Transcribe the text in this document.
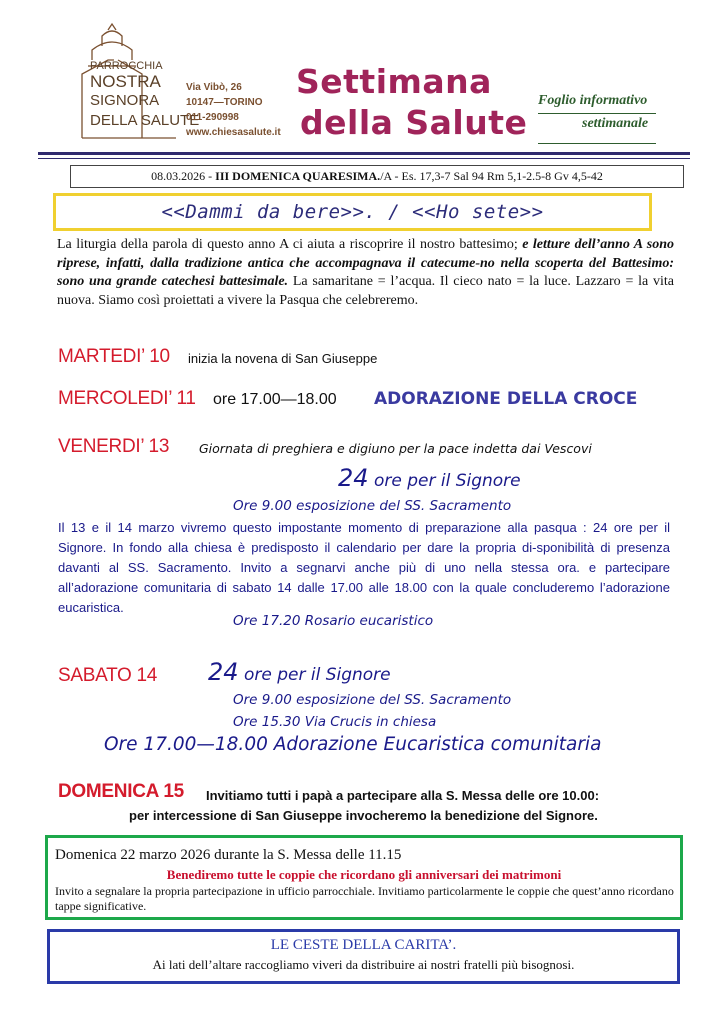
PARROCCHIA
NOSTRA
SIGNORA
DELLA SALUTE
Via Vibò, 26
10147—TORINO
011-290998
www.chiesasalute.it
Settimana
della Salute
Foglio informativo
settimanale
08.03.2026 - III DOMENICA QUARESIMA./A - Es. 17,3-7 Sal 94 Rm 5,1-2.5-8 Gv 4,5-42
<<Dammi da bere>>. / <<Ho sete>>
La liturgia della parola di questo anno A ci aiuta a riscoprire il nostro battesimo; e letture dell’anno A sono riprese, infatti, dalla tradizione antica che accompagnava il catecume-no nella scoperta del Battesimo: sono una grande catechesi battesimale. La samaritane = l’acqua. Il cieco nato = la luce. Lazzaro = la vita nuova. Siamo così proiettati a vivere la Pasqua che celebreremo.
MARTEDI’ 10 inizia la novena di San Giuseppe
MERCOLEDI’ 11 ore 17.00—18.00 ADORAZIONE DELLA CROCE
VENERDI’ 13 Giornata di preghiera e digiuno per la pace indetta dai Vescovi
24 ore per il Signore
Ore 9.00 esposizione del SS. Sacramento
Il 13 e il 14 marzo vivremo questo impostante momento di preparazione alla pasqua : 24 ore per il Signore. In fondo alla chiesa è predisposto il calendario per dare la propria di-sponibilità di presenza davanti al SS. Sacramento. Invito a segnarvi anche più di uno nella stessa ora. e partecipare all’adorazione comunitaria di sabato 14 dalle 17.00 alle 18.00 con la quale concluderemo l’adorazione eucaristica.
Ore 17.20 Rosario eucaristico
SABATO 14 24 ore per il Signore
Ore 9.00 esposizione del SS. Sacramento
Ore 15.30 Via Crucis in chiesa
Ore 17.00—18.00 Adorazione Eucaristica comunitaria
DOMENICA 15 Invitiamo tutti i papà a partecipare alla S. Messa delle ore 10.00:
per intercessione di San Giuseppe invocheremo la benedizione del Signore.
Domenica 22 marzo 2026 durante la S. Messa delle 11.15
Benediremo tutte le coppie che ricordano gli anniversari dei matrimoni
Invito a segnalare la propria partecipazione in ufficio parrocchiale. Invitiamo particolarmente le coppie che quest’anno ricordano tappe significative.
LE CESTE DELLA CARITA’.
Ai lati dell’altare raccogliamo viveri da distribuire ai nostri fratelli più bisognosi.
